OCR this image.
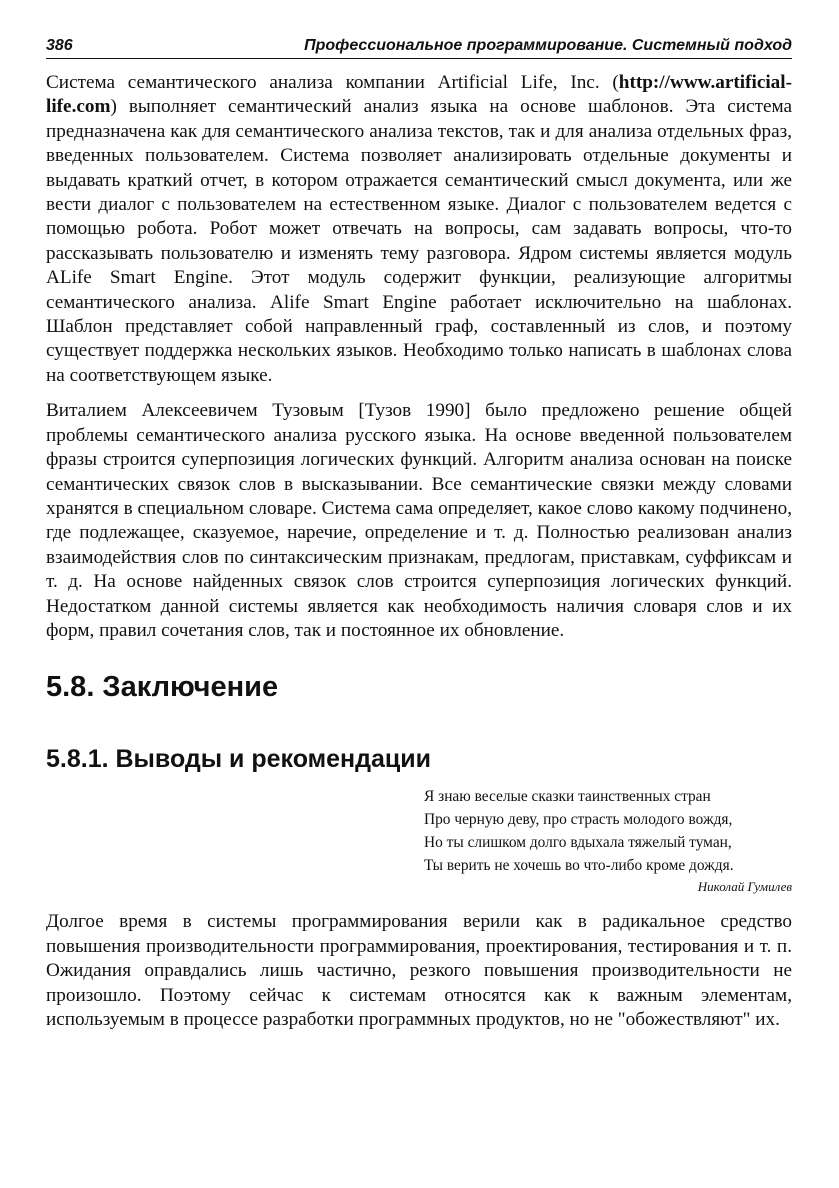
386	Профессиональное программирование. Системный подход

Система семантического анализа компании Artificial Life, Inc. (http://www.artificial-life.com) выполняет семантический анализ языка на основе шаблонов. Эта система предназначена как для семантического анализа текстов, так и для анализа отдельных фраз, введенных пользователем. Система позволяет анализировать отдельные документы и выдавать краткий отчет, в котором отражается семантический смысл документа, или же вести диалог с пользователем на естественном языке. Диалог с пользователем ведется с помощью робота. Робот может отвечать на вопросы, сам задавать вопросы, что-то рассказывать пользователю и изменять тему разговора. Ядром системы является модуль ALife Smart Engine. Этот модуль содержит функции, реализующие алгоритмы семантического анализа. Alife Smart Engine работает исключительно на шаблонах. Шаблон представляет собой направленный граф, составленный из слов, и поэтому существует поддержка нескольких языков. Необходимо только написать в шаблонах слова на соответствующем языке.

Виталием Алексеевичем Тузовым [Тузов 1990] было предложено решение общей проблемы семантического анализа русского языка. На основе введенной пользователем фразы строится суперпозиция логических функций. Алгоритм анализа основан на поиске семантических связок слов в высказывании. Все семантические связки между словами хранятся в специальном словаре. Система сама определяет, какое слово какому подчинено, где подлежащее, сказуемое, наречие, определение и т. д. Полностью реализован анализ взаимодействия слов по синтаксическим признакам, предлогам, приставкам, суффиксам и т. д. На основе найденных связок слов строится суперпозиция логических функций. Недостатком данной системы является как необходимость наличия словаря слов и их форм, правил сочетания слов, так и постоянное их обновление.

5.8. Заключение
5.8.1. Выводы и рекомендации
Я знаю веселые сказки таинственных стран
Про черную деву, про страсть молодого вождя,
Но ты слишком долго вдыхала тяжелый туман,
Ты верить не хочешь во что-либо кроме дождя.
Николай Гумилев

Долгое время в системы программирования верили как в радикальное средство повышения производительности программирования, проектирования, тестирования и т. п. Ожидания оправдались лишь частично, резкого повышения производительности не произошло. Поэтому сейчас к системам относятся как к важным элементам, используемым в процессе разработки программных продуктов, но не "обожествляют" их.
